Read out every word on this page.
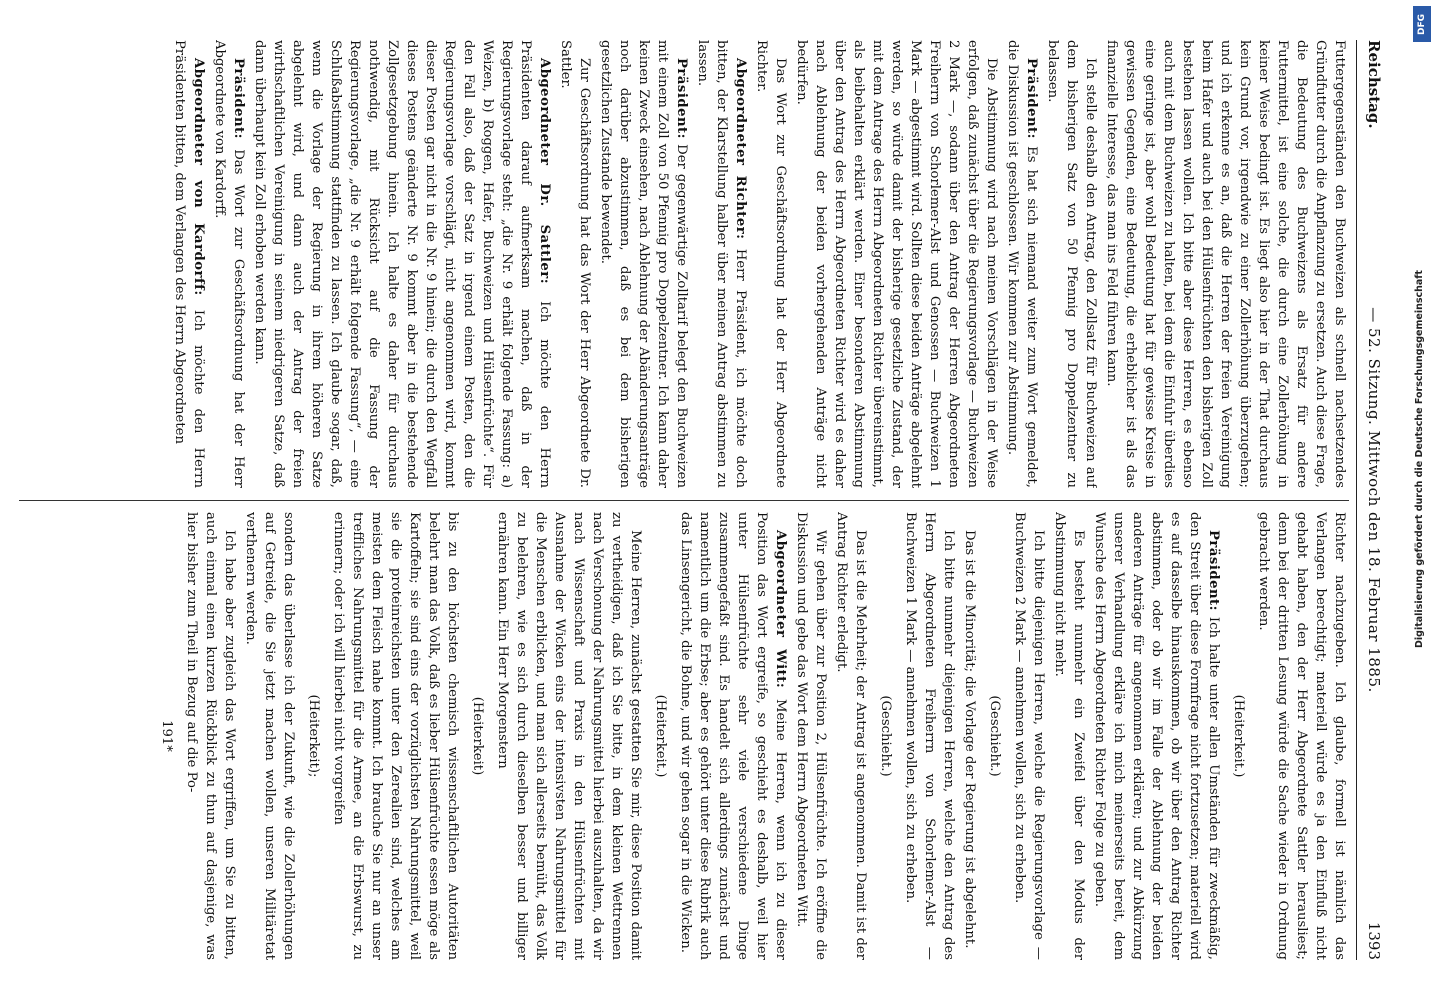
Reichstag.
— 52. Sitzung. Mittwoch den 18. Februar 1885.
1393

Futtergegenständen den Buchweizen als schnell nachsetzendes Gründfutter durch die Anpflanzung zu ersetzen. Auch diese Frage, die Bedeutung des Buchweizens als Ersatz für andere Futtermittel, ist eine solche, die durch eine Zollerhöhung in keiner Weise bedingt ist. Es liegt also hier in der That durchaus kein Grund vor, irgendwie zu einer Zollerhöhung überzugehen; und ich erkenne es an, daß die Herren der freien Vereinigung beim Hafer und auch bei den Hülsenfrüchten den bisherigen Zoll bestehen lassen wollen. Ich bitte aber diese Herren, es ebenso auch mit dem Buchweizen zu halten, bei dem die Einfuhr überdies eine geringe ist, aber wohl Bedeutung hat für gewisse Kreise in gewissen Gegenden, eine Bedeutung, die erheblicher ist als das finanzielle Interesse, das man ins Feld führen kann.

Ich stelle deshalb den Antrag, den Zollsatz für Buchweizen auf dem bisherigen Satz von 50 Pfennig pro Doppelzentner zu belassen.

Präsident: Es hat sich niemand weiter zum Wort gemeldet, die Diskussion ist geschlossen. Wir kommen zur Abstimmung.

Die Abstimmung wird nach meinen Vorschlägen in der Weise erfolgen, daß zunächst über die Regierungsvorlage — Buchweizen 2 Mark —, sodann über den Antrag der Herren Abgeordneten Freiherrn von Schorlemer-Alst und Genossen — Buchweizen 1 Mark — abgestimmt wird. Sollten diese beiden Anträge abgelehnt werden, so würde damit der bisherige gesetzliche Zustand, der mit dem Antrage des Herrn Abgeordneten Richter übereinstimmt, als beibehalten erklärt werden. Einer besonderen Abstimmung über den Antrag des Herrn Abgeordneten Richter wird es daher nach Ablehnung der beiden vorhergehenden Anträge nicht bedürfen.

Das Wort zur Geschäftsordnung hat der Herr Abgeordnete Richter.

Abgeordneter Richter: Herr Präsident, ich möchte doch bitten, der Klarstellung halber über meinen Antrag abstimmen zu lassen.

Präsident: Der gegenwärtige Zolltarif belegt den Buchweizen mit einem Zoll von 50 Pfennig pro Doppelzentner. Ich kann daher keinen Zweck einsehen, nach Ablehnung der Abänderungsanträge noch darüber abzustimmen, daß es bei dem bisherigen gesetzlichen Zustande bewendet.

Zur Geschäftsordnung hat das Wort der Herr Abgeordnete Dr. Sattler.

Abgeordneter Dr. Sattler: Ich möchte den Herrn Präsidenten darauf aufmerksam machen, daß in der Regierungsvorlage steht: „die Nr. 9 erhält folgende Fassung: a) Weizen, b) Roggen, Hafer, Buchweizen und Hülsenfrüchte“. Für den Fall also, daß der Satz in irgend einem Posten, den die Regierungsvorlage vorschlägt, nicht angenommen wird, kommt dieser Posten gar nicht in die Nr. 9 hinein; die durch den Wegfall dieses Postens geänderte Nr. 9 kommt aber in die bestehende Zollgesetzgebung hinein. Ich halte es daher für durchaus nothwendig, mit Rücksicht auf die Fassung der Regierungsvorlage, „die Nr. 9 erhält folgende Fassung“, — eine Schlußabstimmung stattfinden zu lassen. Ich glaube sogar, daß, wenn die Vorlage der Regierung in ihrem höheren Satze abgelehnt wird, und dann auch der Antrag der freien wirthschaftlichen Vereinigung in seinem niedrigeren Satze, daß dann überhaupt kein Zoll erhoben werden kann.

Präsident: Das Wort zur Geschäftsordnung hat der Herr Abgeordnete von Kardorff.

Abgeordneter von Kardorff: Ich möchte den Herrn Präsidenten bitten, dem Verlangen des Herrn Abgeordneten

Richter nachzugeben. Ich glaube, formell ist nämlich das Verlangen berechtigt; materiell würde es ja den Einfluß nicht gehabt haben, den der Herr Abgeordnete Sattler herausliest; denn bei der dritten Lesung würde die Sache wieder in Ordnung gebracht werden.

(Heiterkeit.)

Präsident: Ich halte unter allen Umständen für zweckmäßig, den Streit über diese Formfrage nicht fortzusetzen; materiell wird es auf dasselbe hinauskommen, ob wir über den Antrag Richter abstimmen, oder ob wir im Falle der Ablehnung der beiden anderen Anträge für angenommen erklären; und zur Abkürzung unserer Verhandlung erkläre ich mich meinerseits bereit, dem Wunsche des Herrn Abgeordneten Richter Folge zu geben.

Es besteht nunmehr ein Zweifel über den Modus der Abstimmung nicht mehr.

Ich bitte diejenigen Herren, welche die Regierungsvorlage — Buchweizen 2 Mark — annehmen wollen, sich zu erheben.

(Geschieht.)

Das ist die Minorität; die Vorlage der Regierung ist abgelehnt.

Ich bitte nunmehr diejenigen Herren, welche den Antrag des Herrn Abgeordneten Freiherrn von Schorlemer-Alst — Buchweizen 1 Mark — annehmen wollen, sich zu erheben.

(Geschieht.)

Das ist die Mehrheit; der Antrag ist angenommen. Damit ist der Antrag Richter erledigt.

Wir gehen über zur Position 2, Hülsenfrüchte. Ich eröffne die Diskussion und gebe das Wort dem Herrn Abgeordneten Witt.

Abgeordneter Witt: Meine Herren, wenn ich zu dieser Position das Wort ergreife, so geschieht es deshalb, weil hier unter Hülsenfrüchte sehr viele verschiedene Dinge zusammengefaßt sind. Es handelt sich allerdings zunächst und namentlich um die Erbse; aber es gehört unter diese Rubrik auch das Linsengericht, die Bohne, und wir gehen sogar in die Wicken.

(Heiterkeit.)

Meine Herren, zunächst gestatten Sie mir, diese Position damit zu vertheidigen, daß ich Sie bitte, in dem kleinen Wettrennen nach Verschonung der Nahrungsmittel hierbei auszuhalten, da wir nach Wissenschaft und Praxis in den Hülsenfrüchten mit Ausnahme der Wicken eins der intensivsten Nahrungsmittel für die Menschen erblicken, und man sich allerseits bemüht, das Volk zu belehren, wie es sich durch dieselben besser und billiger ernähren kann. Ein Herr Morgenstern

(Heiterkeit)

bis zu den höchsten chemisch wissenschaftlichen Autoritäten belehrt man das Volk, daß es lieber Hülsenfrüchte essen möge als Kartoffeln; sie sind eins der vorzüglichsten Nahrungsmittel, weil sie die proteinreichsten unter den Zerealien sind, welches am meisten dem Fleisch nahe kommt. Ich brauche Sie nur an unser treffliches Nahrungsmittel für die Armee, an die Erbswurst, zu erinnern; oder ich will hierbei nicht vorgreifen

(Heiterkeit);

sondern das überlasse ich der Zukunft, wie die Zollerhöhungen auf Getreide, die Sie jetzt machen wollen, unseren Militäretat verthenern werden.

Ich habe aber zugleich das Wort ergriffen, um Sie zu bitten, auch einmal einen kurzen Rückblick zu thun auf dasjenige, was hier bisher zum Theil in Bezug auf die Po-

191*

DFG
Digitalisierung gefördert durch die Deutsche Forschungsgemeinschaft
